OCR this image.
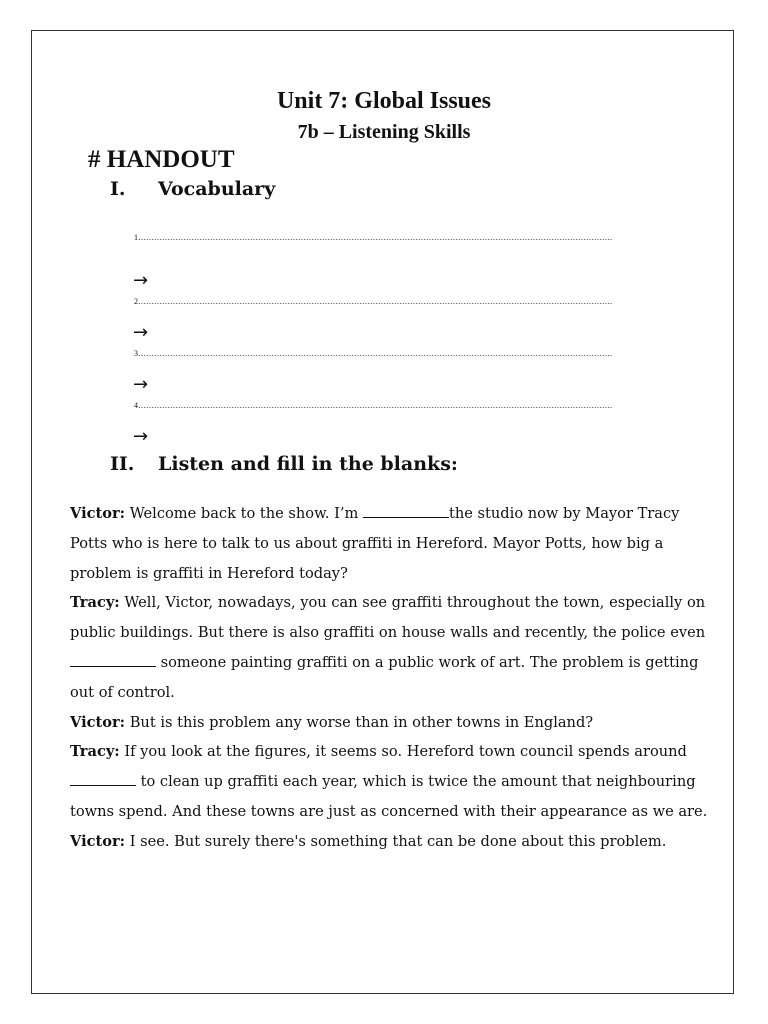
Unit 7: Global Issues
7b – Listening Skills
# HANDOUT
I. Vocabulary
1…………………………………………………………………………………………………………………………………………………………….
→
2…………………………………………………………………………………………………………………………………………………………….
→
3…………………………………………………………………………………………………………………………………………………………….
→
4…………………………………………………………………………………………………………………………………………………………….
→
II. Listen and fill in the blanks:

Victor: Welcome back to the show. I’m	the studio now by Mayor Tracy Potts who is here to talk to us about graffiti in Hereford. Mayor Potts, how big a problem is graffiti in Hereford today?

Tracy: Well, Victor, nowadays, you can see graffiti throughout the town, especially on public buildings. But there is also graffiti on house walls and recently, the police even  someone painting graffiti on a public work of art. The problem is getting out of control.

Victor: But is this problem any worse than in other towns in England?

Tracy: If you look at the figures, it seems so. Hereford town council spends around  to clean up graffiti each year, which is twice the amount that neighbouring towns spend. And these towns are just as concerned with their appearance as we are.

Victor: I see. But surely there's something that can be done about this problem.
